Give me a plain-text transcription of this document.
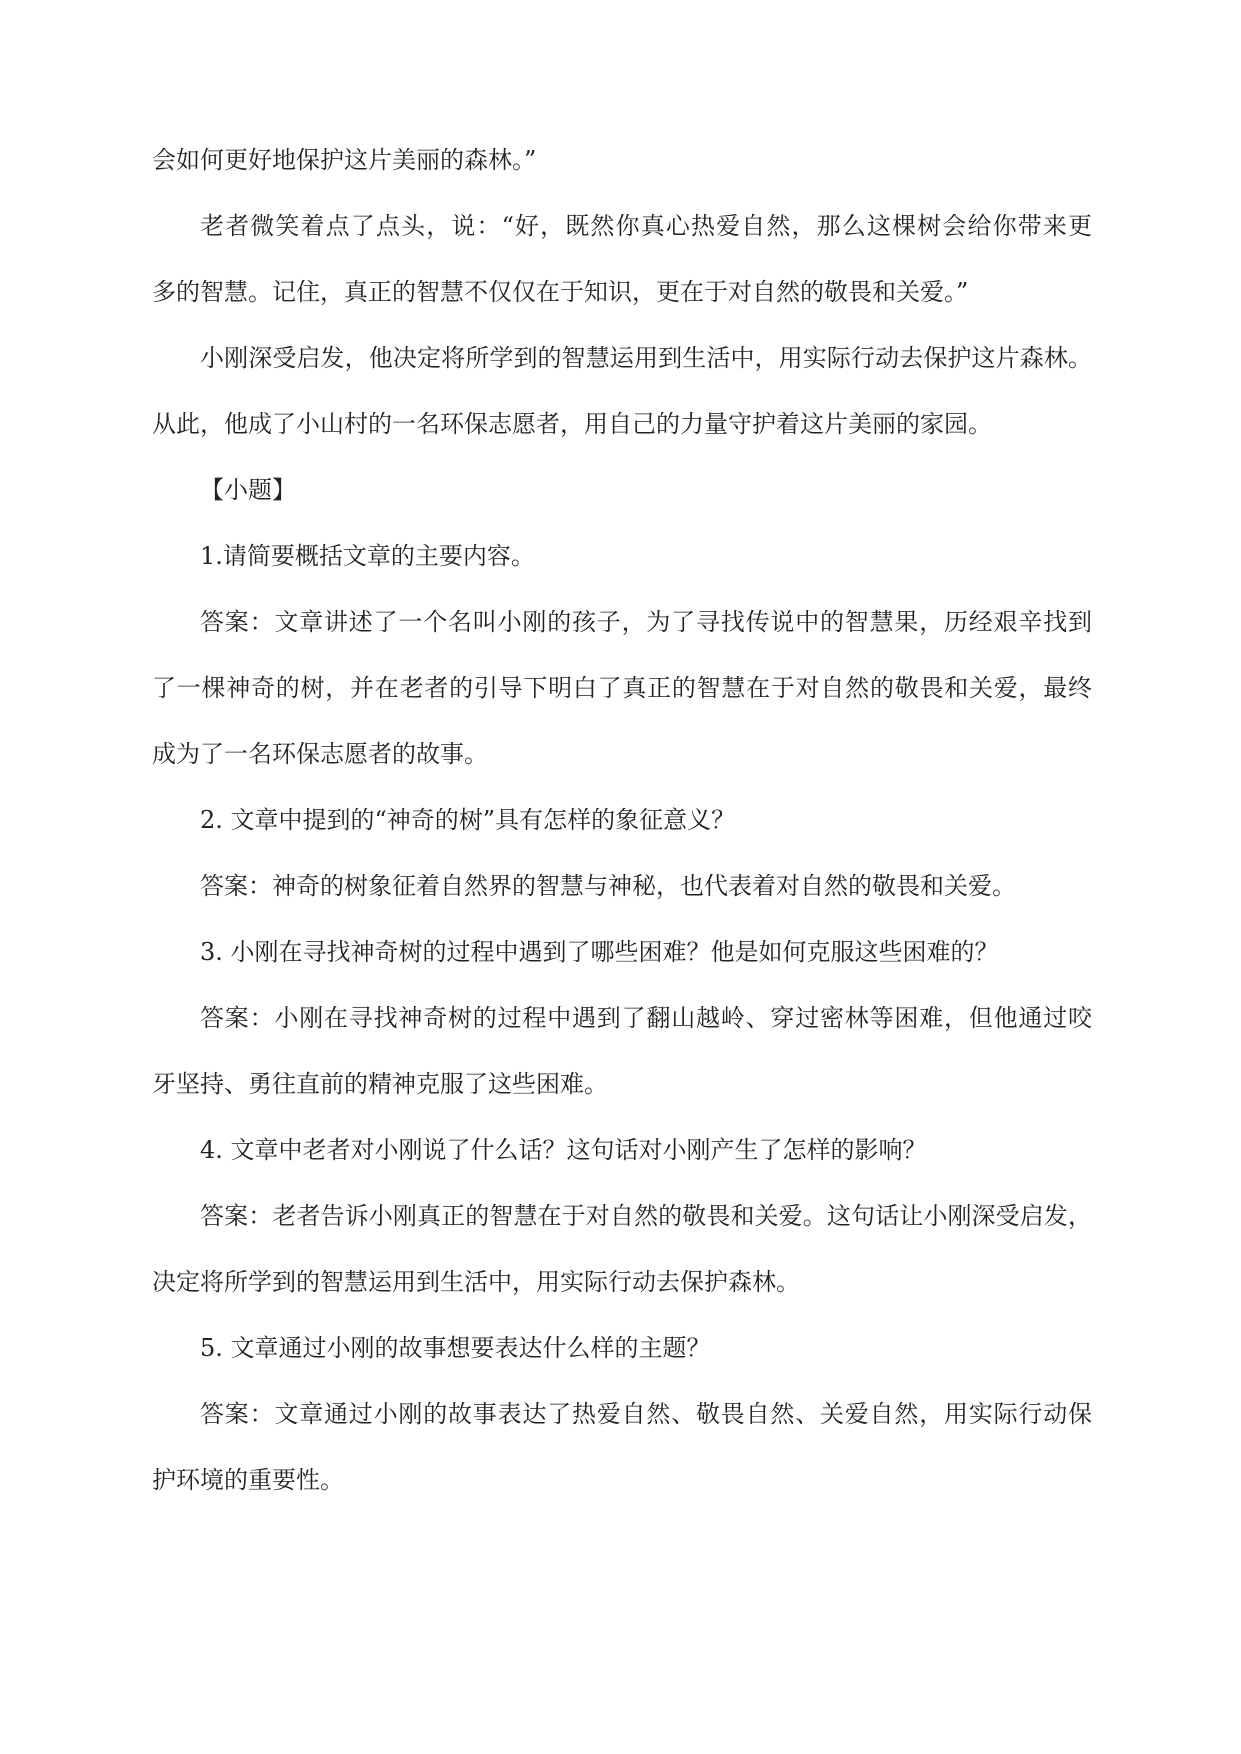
会如何更好地保护这片美丽的森林。”
老者微笑着点了点头，说：“好，既然你真心热爱自然，那么这棵树会给你带来更
多的智慧。记住，真正的智慧不仅仅在于知识，更在于对自然的敬畏和关爱。”
小刚深受启发，他决定将所学到的智慧运用到生活中，用实际行动去保护这片森林。
从此，他成了小山村的一名环保志愿者，用自己的力量守护着这片美丽的家园。
【小题】
1.请简要概括文章的主要内容。
答案：文章讲述了一个名叫小刚的孩子，为了寻找传说中的智慧果，历经艰辛找到
了一棵神奇的树，并在老者的引导下明白了真正的智慧在于对自然的敬畏和关爱，最终
成为了一名环保志愿者的故事。
2. 文章中提到的“神奇的树”具有怎样的象征意义？
答案：神奇的树象征着自然界的智慧与神秘，也代表着对自然的敬畏和关爱。
3. 小刚在寻找神奇树的过程中遇到了哪些困难？他是如何克服这些困难的？
答案：小刚在寻找神奇树的过程中遇到了翻山越岭、穿过密林等困难，但他通过咬
牙坚持、勇往直前的精神克服了这些困难。
4. 文章中老者对小刚说了什么话？这句话对小刚产生了怎样的影响？
答案：老者告诉小刚真正的智慧在于对自然的敬畏和关爱。这句话让小刚深受启发，
决定将所学到的智慧运用到生活中，用实际行动去保护森林。
5. 文章通过小刚的故事想要表达什么样的主题？
答案：文章通过小刚的故事表达了热爱自然、敬畏自然、关爱自然，用实际行动保
护环境的重要性。
